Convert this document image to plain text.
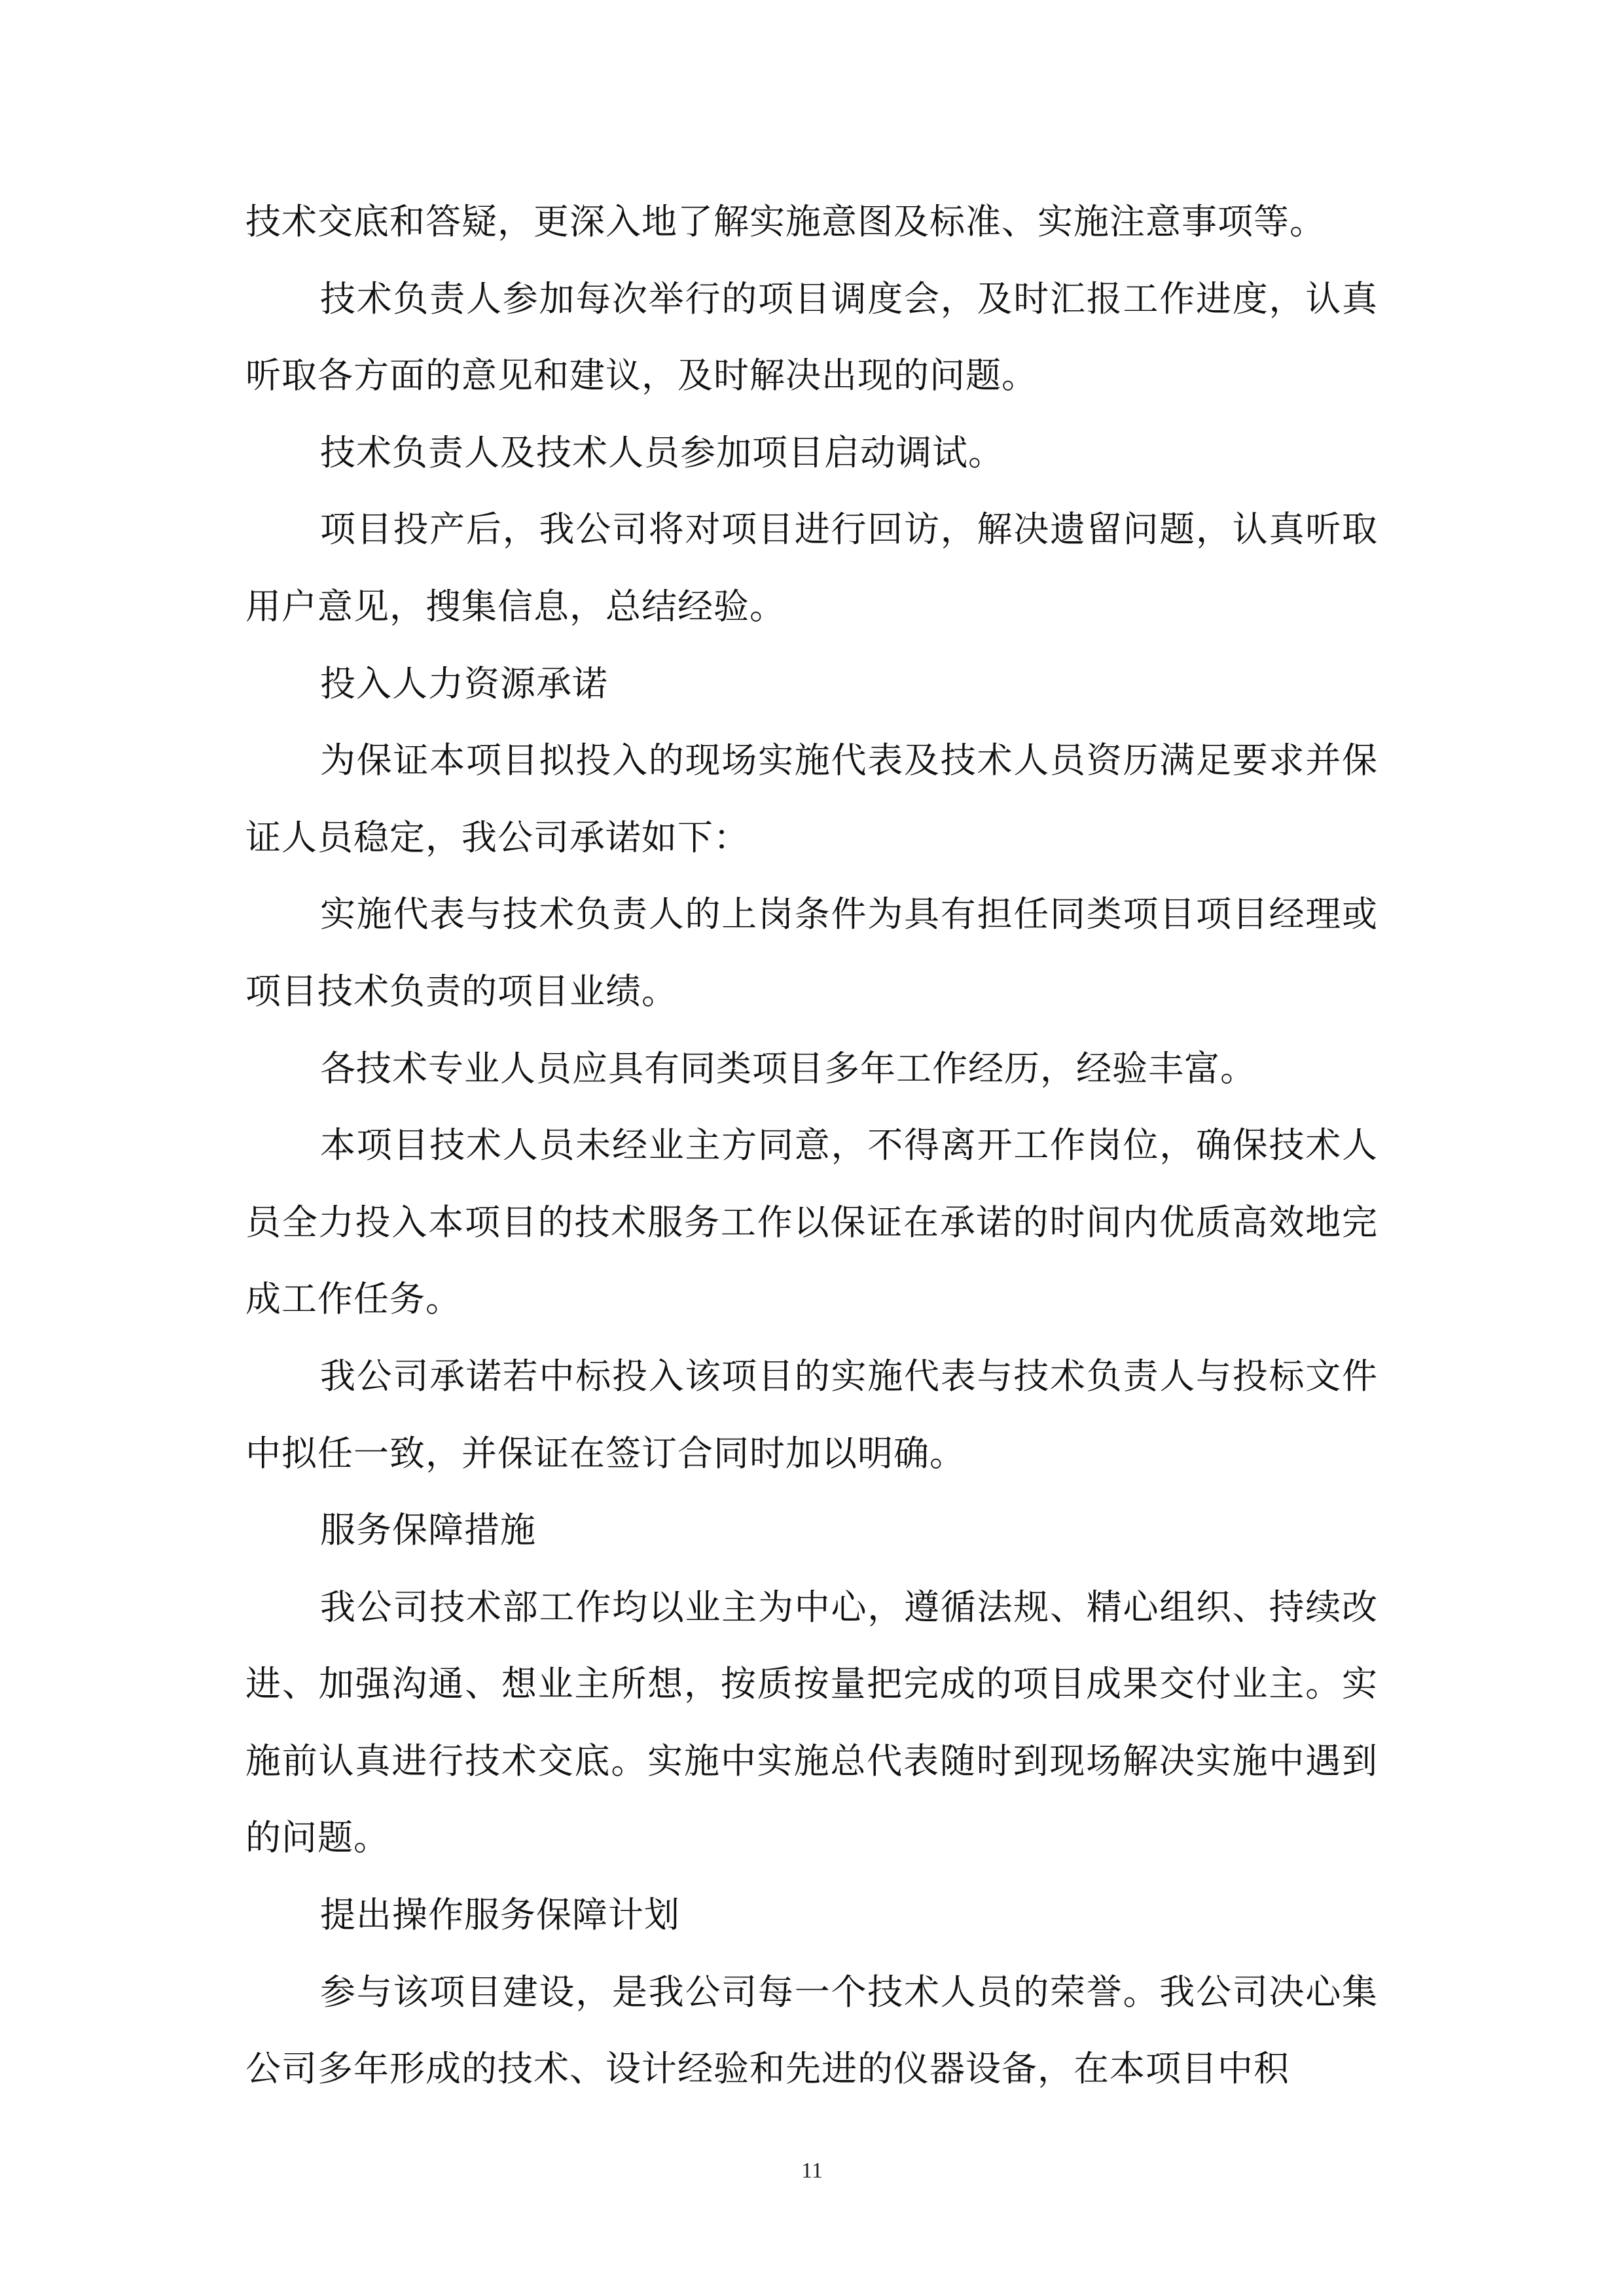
技术交底和答疑，更深入地了解实施意图及标准、实施注意事项等。

技术负责人参加每次举行的项目调度会，及时汇报工作进度，认真听取各方面的意见和建议，及时解决出现的问题。

技术负责人及技术人员参加项目启动调试。

项目投产后，我公司将对项目进行回访，解决遗留问题，认真听取用户意见，搜集信息，总结经验。

投入人力资源承诺

为保证本项目拟投入的现场实施代表及技术人员资历满足要求并保证人员稳定，我公司承诺如下：

实施代表与技术负责人的上岗条件为具有担任同类项目项目经理或项目技术负责的项目业绩。

各技术专业人员应具有同类项目多年工作经历，经验丰富。

本项目技术人员未经业主方同意，不得离开工作岗位，确保技术人员全力投入本项目的技术服务工作以保证在承诺的时间内优质高效地完成工作任务。

我公司承诺若中标投入该项目的实施代表与技术负责人与投标文件中拟任一致，并保证在签订合同时加以明确。

服务保障措施

我公司技术部工作均以业主为中心，遵循法规、精心组织、持续改进、加强沟通、想业主所想，按质按量把完成的项目成果交付业主。实施前认真进行技术交底。实施中实施总代表随时到现场解决实施中遇到的问题。

提出操作服务保障计划

参与该项目建设，是我公司每一个技术人员的荣誉。我公司决心集公司多年形成的技术、设计经验和先进的仪器设备，在本项目中积

11
